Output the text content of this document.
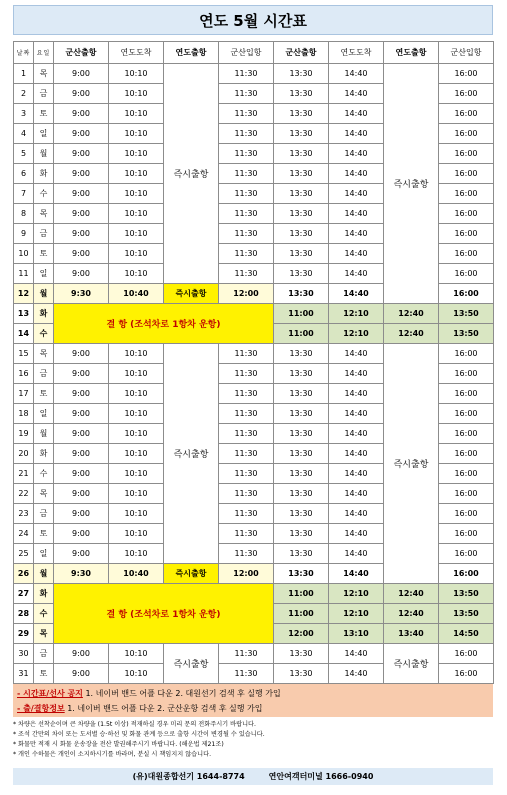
연도 5월 시간표
날짜	요일	군산출항	연도도착	연도출항	군산입항	군산출항	연도도착	연도출항	군산입항
1	목	9:00	10:10	즉시출항	11:30	13:30	14:40	즉시출항	16:00
2	금	9:00	10:10		11:30	13:30	14:40		16:00
3	토	9:00	10:10		11:30	13:30	14:40		16:00
4	일	9:00	10:10		11:30	13:30	14:40		16:00
5	월	9:00	10:10		11:30	13:30	14:40		16:00
6	화	9:00	10:10		11:30	13:30	14:40		16:00
7	수	9:00	10:10		11:30	13:30	14:40		16:00
8	목	9:00	10:10		11:30	13:30	14:40		16:00
9	금	9:00	10:10		11:30	13:30	14:40		16:00
10	토	9:00	10:10		11:30	13:30	14:40		16:00
11	일	9:00	10:10		11:30	13:30	14:40		16:00
12	월	9:30	10:40	즉시출항	12:00	13:30	14:40		16:00
13	화	결 항 (조석차로 1항차 운항)				11:00	12:10	12:40	13:50
14	수					11:00	12:10	12:40	13:50
15	목	9:00	10:10	즉시출항	11:30	13:30	14:40	즉시출항	16:00
16	금	9:00	10:10		11:30	13:30	14:40		16:00
17	토	9:00	10:10		11:30	13:30	14:40		16:00
18	일	9:00	10:10		11:30	13:30	14:40		16:00
19	월	9:00	10:10		11:30	13:30	14:40		16:00
20	화	9:00	10:10		11:30	13:30	14:40		16:00
21	수	9:00	10:10		11:30	13:30	14:40		16:00
22	목	9:00	10:10		11:30	13:30	14:40		16:00
23	금	9:00	10:10		11:30	13:30	14:40		16:00
24	토	9:00	10:10		11:30	13:30	14:40		16:00
25	일	9:00	10:10		11:30	13:30	14:40		16:00
26	월	9:30	10:40	즉시출항	12:00	13:30	14:40		16:00
27	화	결 항 (조석차로 1항차 운항)				11:00	12:10	12:40	13:50
28	수					11:00	12:10	12:40	13:50
29	목					12:00	13:10	13:40	14:50
30	금	9:00	10:10	즉시출항	11:30	13:30	14:40	즉시출항	16:00
31	토	9:00	10:10		11:30	13:30	14:40		16:00
- 시간표/선사 공지 1. 네이버 밴드 어플 다운 2. 대원선기 검색 후 실행 가입
- 출/결항정보 1. 네이버 밴드 어플 다운 2. 군산운항 검색 후 실행 가입
* 차량은 선착순이며 큰 차량을 (1.5t 이상) 적재하실 경우 미리 문의 전화주시기 바랍니다.
* 조석 간만의 차이 또는 도서별 승·하선 및 화물 관계 등으로 출항 시간이 변경될 수 있습니다.
* 화물만 적재 시 화물 운송장을 전산 발권해주시기 바랍니다. (해운법 제21조)
* 개인 수하물은 개인이 소지하시기를 바라며, 분실 시 책임지지 않습니다.
(유)대원종합선기 1644-8774	연안여객터미널 1666-0940
